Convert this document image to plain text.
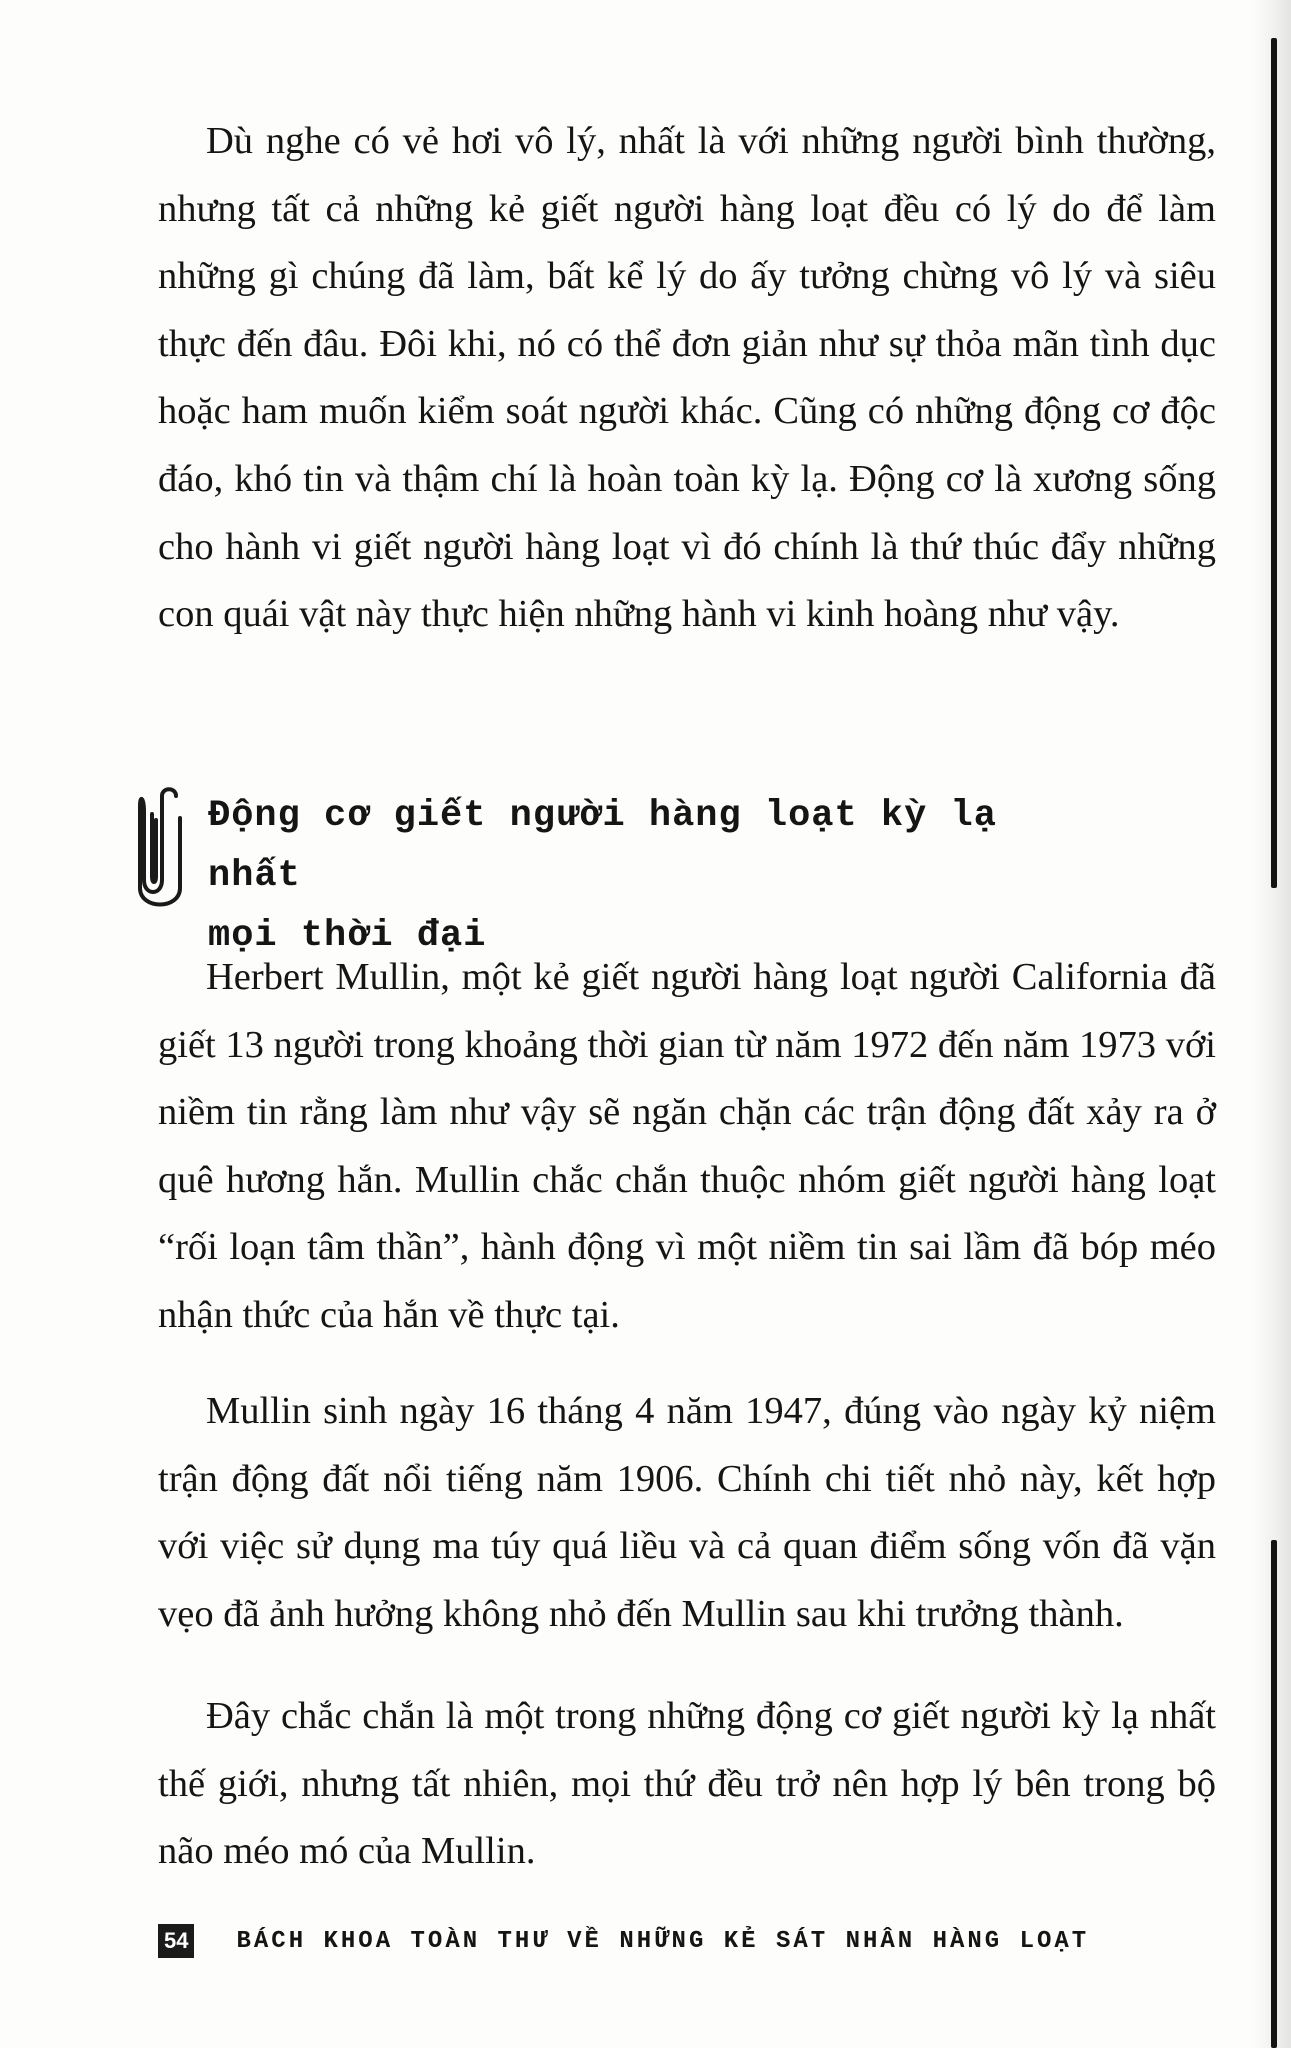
Dù nghe có vẻ hơi vô lý, nhất là với những người bình thường, nhưng tất cả những kẻ giết người hàng loạt đều có lý do để làm những gì chúng đã làm, bất kể lý do ấy tưởng chừng vô lý và siêu thực đến đâu. Đôi khi, nó có thể đơn giản như sự thỏa mãn tình dục hoặc ham muốn kiểm soát người khác. Cũng có những động cơ độc đáo, khó tin và thậm chí là hoàn toàn kỳ lạ. Động cơ là xương sống cho hành vi giết người hàng loạt vì đó chính là thứ thúc đẩy những con quái vật này thực hiện những hành vi kinh hoàng như vậy.

Động cơ giết người hàng loạt kỳ lạ nhất
mọi thời đại

Herbert Mullin, một kẻ giết người hàng loạt người California đã giết 13 người trong khoảng thời gian từ năm 1972 đến năm 1973 với niềm tin rằng làm như vậy sẽ ngăn chặn các trận động đất xảy ra ở quê hương hắn. Mullin chắc chắn thuộc nhóm giết người hàng loạt “rối loạn tâm thần”, hành động vì một niềm tin sai lầm đã bóp méo nhận thức của hắn về thực tại.

Mullin sinh ngày 16 tháng 4 năm 1947, đúng vào ngày kỷ niệm trận động đất nổi tiếng năm 1906. Chính chi tiết nhỏ này, kết hợp với việc sử dụng ma túy quá liều và cả quan điểm sống vốn đã vặn vẹo đã ảnh hưởng không nhỏ đến Mullin sau khi trưởng thành.

Đây chắc chắn là một trong những động cơ giết người kỳ lạ nhất thế giới, nhưng tất nhiên, mọi thứ đều trở nên hợp lý bên trong bộ não méo mó của Mullin.

54 BÁCH KHOA TOÀN THƯ VỀ NHỮNG KẺ SÁT NHÂN HÀNG LOẠT
